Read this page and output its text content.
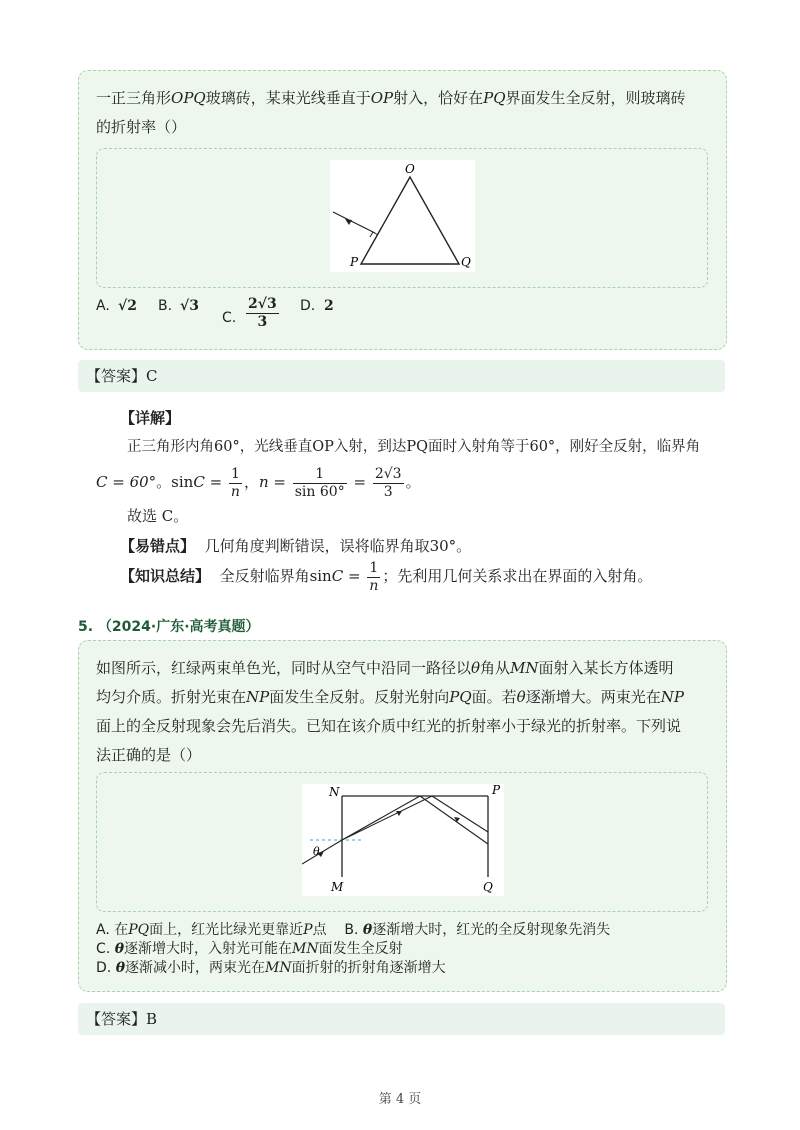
一正三角形OPQ玻璃砖，某束光线垂直于OP射入，恰好在PQ界面发生全反射，则玻璃砖
的折射率（）
O
P	Q
A. √2 B. √3
C. $\frac{2√3}{3} D$. 2
【答案】C
【详解】
正三角形内角60°，光线垂直OP入射，到达PQ面时入射角等于60°，刚好全反射，临界角
C = 60°。$\sin C = \frac{1}{n}$ ，$n = \frac{1}{\sin 60^\circ} = \frac{2√3}{3}$ 。
故选 C。
【易错点】 几何角度判断错误，误将临界角取30°。
【知识总结】 全反射临界角$\sin C = \frac{1}{n}$ ；先利用几何关系求出在界面的入射角。
5. （2024·广东·高考真题）
如图所示，红绿两束单色光，同时从空气中沿同一路径以θ角从MN面射入某长方体透明
均匀介质。折射光束在NP面发生全反射。反射光射向PQ面。若θ逐渐增大。两束光在NP
面上的全反射现象会先后消失。已知在该介质中红光的折射率小于绿光的折射率。下列说
法正确的是（）
N	P
M	Q
θ
A. 在PQ面上，红光比绿光更靠近P点 B. θ逐渐增大时，红光的全反射现象先消失
C. θ逐渐增大时，入射光可能在MN面发生全反射
D. θ逐渐减小时，两束光在MN面折射的折射角逐渐增大
【答案】B
第 4 页
